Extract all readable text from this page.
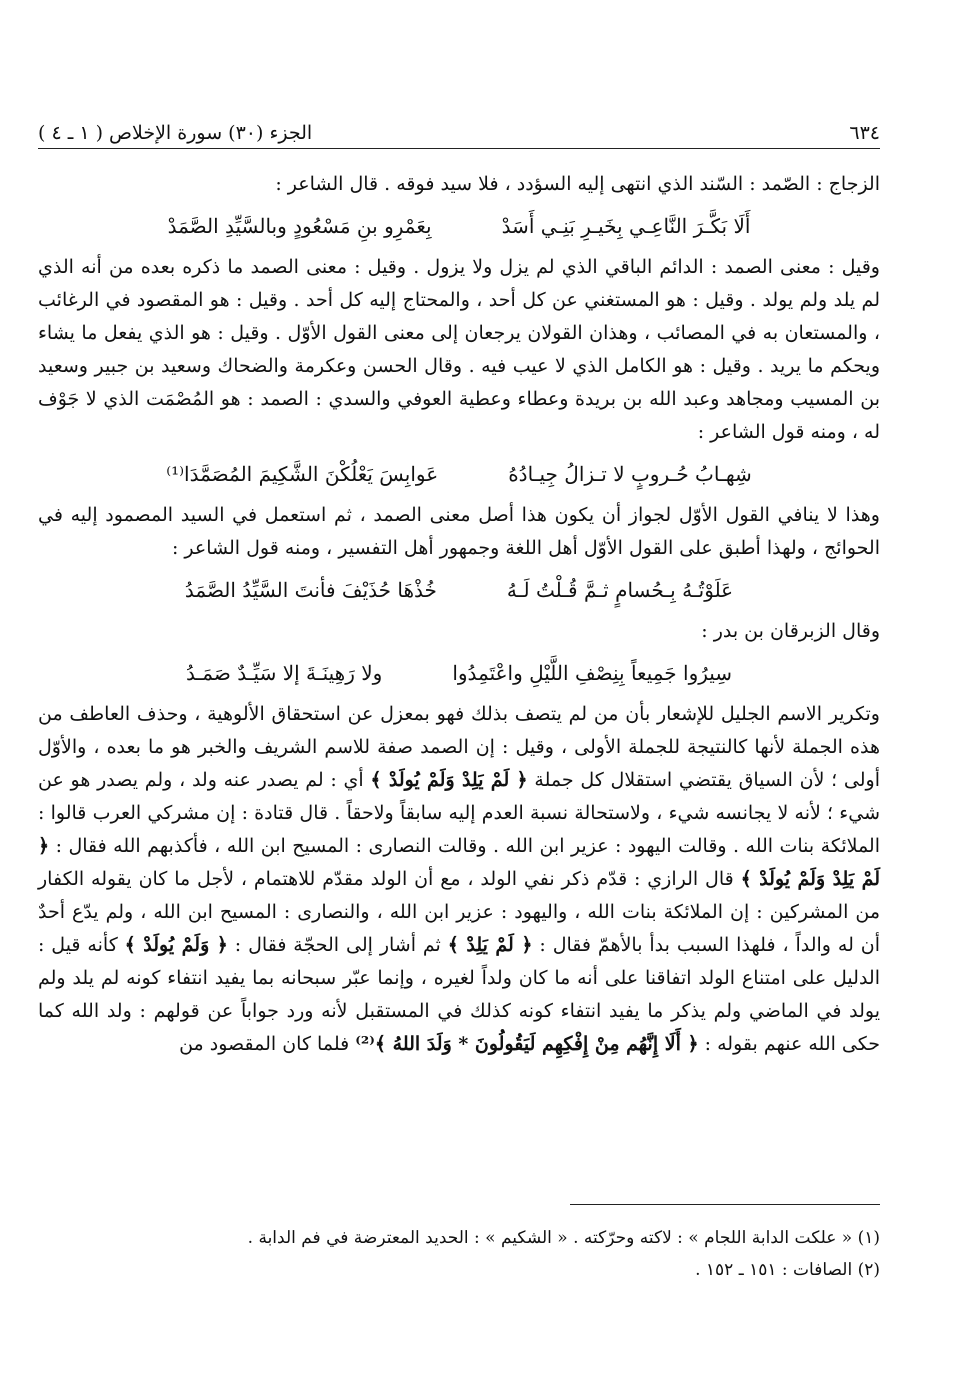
٦٣٤
الجزء (٣٠) سورة الإخلاص ( ١ ـ ٤ )

الزجاج : الصّمد : السّند الذي انتهى إليه السؤدد ، فلا سيد فوقه . قال الشاعر :

أَلَا بَكَّـرَ النَّاعِـي بِخَيـرِ بَنِـي أَسَدْ
بِعَمْرِو بنِ مَسْعُودٍ وبالسَّيِّدِ الصَّمَدْ

وقيل : معنى الصمد : الدائم الباقي الذي لم يزل ولا يزول . وقيل : معنى الصمد ما ذكره بعده من أنه الذي لم يلد ولم يولد . وقيل : هو المستغني عن كل أحد ، والمحتاج إليه كل أحد . وقيل : هو المقصود في الرغائب ، والمستعان به في المصائب ، وهذان القولان يرجعان إلى معنى القول الأوّل . وقيل : هو الذي يفعل ما يشاء ويحكم ما يريد . وقيل : هو الكامل الذي لا عيب فيه . وقال الحسن وعكرمة والضحاك وسعيد بن جبير وسعيد بن المسيب ومجاهد وعبد الله بن بريدة وعطاء وعطية العوفي والسدي : الصمد : هو المُصْمَت الذي لا جَوْف له ، ومنه قول الشاعر :

شِهـابُ حُـروبٍ لا تـزالُ جِيـادُهُ
عَوابِسَ يَعْلُكْنَ الشَّكِيمَ المُصَمَّدَا⁽¹⁾

وهذا لا ينافي القول الأوّل لجواز أن يكون هذا أصل معنى الصمد ، ثم استعمل في السيد المصمود إليه في الحوائج ، ولهذا أطبق على القول الأوّل أهل اللغة وجمهور أهل التفسير ، ومنه قول الشاعر :

عَلَوْتُـهُ بِـحُسامٍ ثـمَّ قُـلْتُ لَـهُ
خُذْهَا حُذَيْفَ فأنتَ السَّيِّدُ الصَّمَدُ

وقال الزبرقان بن بدر :

سِيرُوا جَمِيعاً بِنِصْفِ اللَّيْلِ واعْتَمِدُوا
ولا رَهِينَـةَ إلا سَيِّـدٌ صَمَـدُ

وتكرير الاسم الجليل للإشعار بأن من لم يتصف بذلك فهو بمعزل عن استحقاق الألوهية ، وحذف العاطف من هذه الجملة لأنها كالنتيجة للجملة الأولى ، وقيل : إن الصمد صفة للاسم الشريف والخبر هو ما بعده ، والأوّل أولى ؛ لأن السياق يقتضي استقلال كل جملة ﴿ لَمْ يَلِدْ وَلَمْ يُولَدْ ﴾ أي : لم يصدر عنه ولد ، ولم يصدر هو عن شيء ؛ لأنه لا يجانسه شيء ، ولاستحالة نسبة العدم إليه سابقاً ولاحقاً . قال قتادة : إن مشركي العرب قالوا : الملائكة بنات الله . وقالت اليهود : عزير ابن الله . وقالت النصارى : المسيح ابن الله ، فأكذبهم الله فقال : ﴿ لَمْ يَلِدْ وَلَمْ يُولَدْ ﴾ قال الرازي : قدّم ذكر نفي الولد ، مع أن الولد مقدّم للاهتمام ، لأجل ما كان يقوله الكفار من المشركين : إن الملائكة بنات الله ، واليهود : عزير ابن الله ، والنصارى : المسيح ابن الله ، ولم يدّع أحدٌ أن له والداً ، فلهذا السبب بدأ بالأهمّ فقال : ﴿ لَمْ يَلِدْ ﴾ ثم أشار إلى الحجّة فقال : ﴿ وَلَمْ يُولَدْ ﴾ كأنه قيل : الدليل على امتناع الولد اتفاقنا على أنه ما كان ولداً لغيره ، وإنما عبّر سبحانه بما يفيد انتفاء كونه لم يلد ولم يولد في الماضي ولم يذكر ما يفيد انتفاء كونه كذلك في المستقبل لأنه ورد جواباً عن قولهم : ولد الله كما حكى الله عنهم بقوله : ﴿ أَلَا إِنَّهُم مِنْ إِفْكِهِم لَيَقُولُونَ * وَلَدَ اللهُ ﴾⁽²⁾ فلما كان المقصود من

(١) « علكت الدابة اللجام » : لاكته وحرّكته . « الشكيم » : الحديد المعترضة في فم الدابة .

(٢) الصافات : ١٥١ ـ ١٥٢ .
